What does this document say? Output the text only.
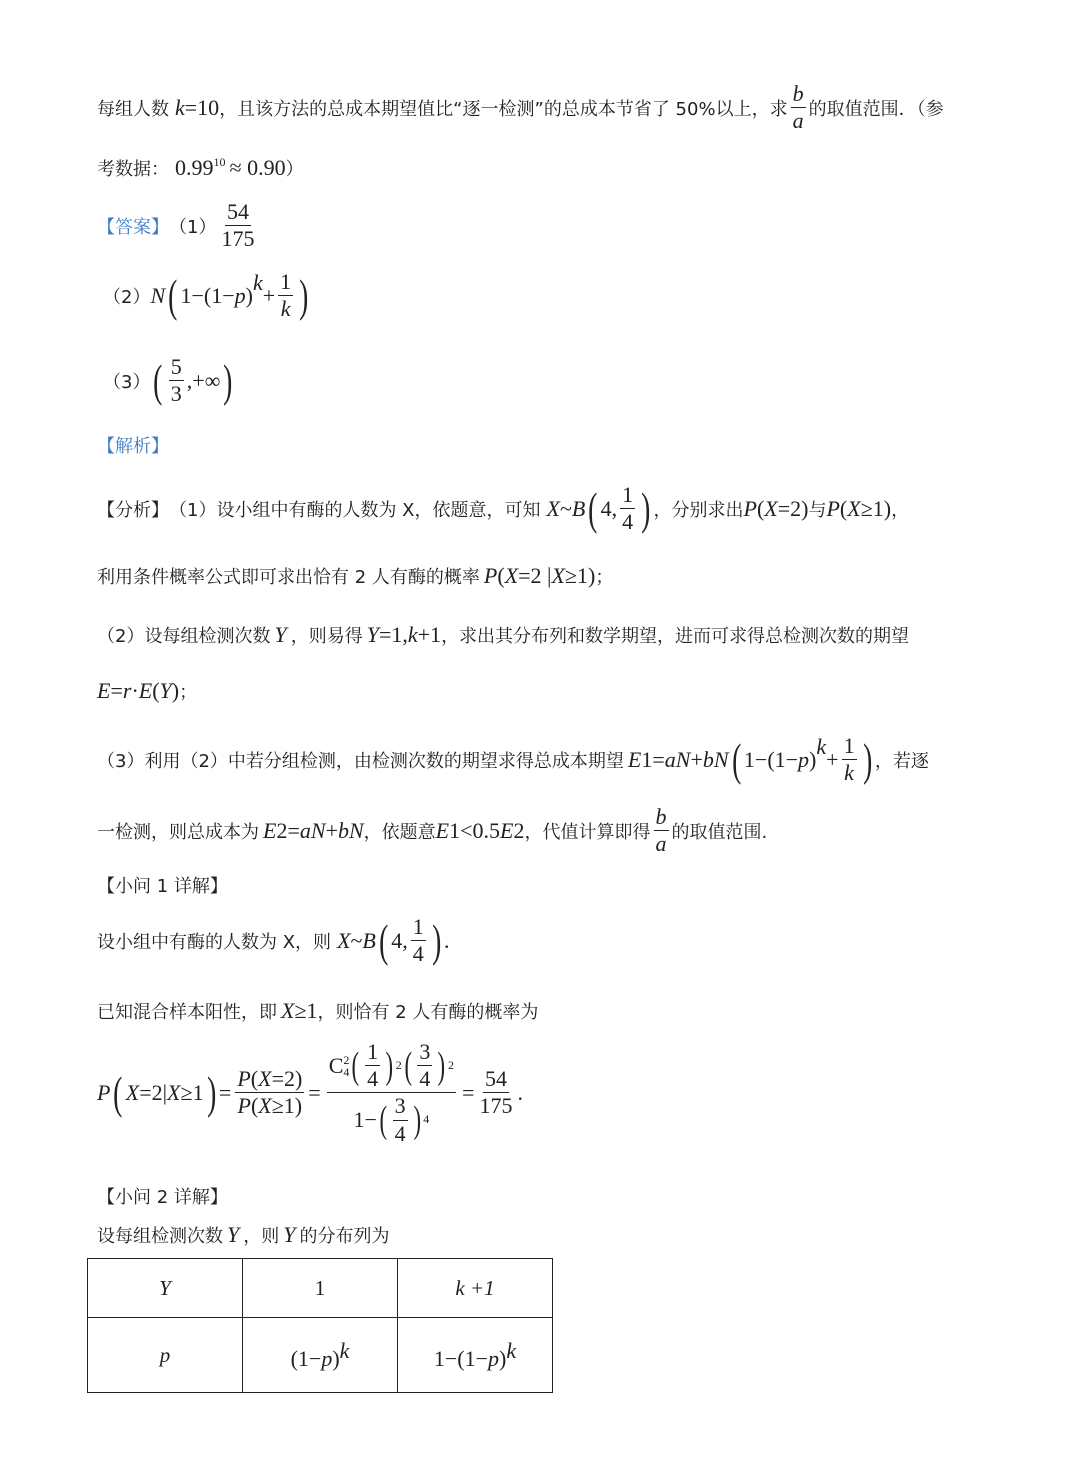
每组人数 k =10 ，且该方法的总成本期望值比“逐一检测”的总成本节省了 50%以上，求 $\frac{b}{a}$ 的取值范围．（参
考数据： $0.99^{10} \approx 0.90$ ）
【答案】 $(1) \frac{54}{175}$
（2） N ( 1−(1− p )
k
+ $\frac{1}{k}$ )
（3） ( $\frac{5}{3}$ ,+∞ )
【解析】
【分析】 （1）设小组中有酶的人数为 X，依题意，可知 X ~ B ( 4, $\frac{1}{4}$ ) ，分别求出 P ( X =2) 与 P ( X ≥1) ，
利用条件概率公式即可求出恰有 2 人有酶的概率 P ( X =2 | X ≥1) ；
（2）设每组检测次数 Y ，则易得 Y =1, k +1 ，求出其分布列和数学期望，进而可求得总检测次数的期望
E = r · E ( Y ) ；
（3）利用（2）中若分组检测，由检测次数的期望求得总成本期望 E 1 = aN + bN ( 1−(1− p )
k
+ $\frac{1}{k}$ ) ，若逐
一检测，则总成本为 E 2 = aN + bN ，依题意 E 1 <0.5 E 2 ，代值计算即得 $\frac{b}{a}$ 的取值范围.
【小问 1 详解】
设小组中有酶的人数为 X，则 X ~ B ( 4, $\frac{1}{4}$ ) .
已知混合样本阳性，即 X ≥1 ，则恰有 2 人有酶的概率为
P ( X =2| X ≥1 ) = $\frac{P(X=2)}{P(X\ge 1)} = C$ 2
4 ( $\frac{1}{4}$ ) 2 ( $\frac{3}{4}$ ) 2
1− ( $\frac{3}{4}$ ) $4 = \frac{54}{175}$ .
【小问 2 详解】
设每组检测次数 Y ，则 Y 的分布列为
Y	1	k +1
p	$(1-p)^k$	$1-(1-p)^k$
